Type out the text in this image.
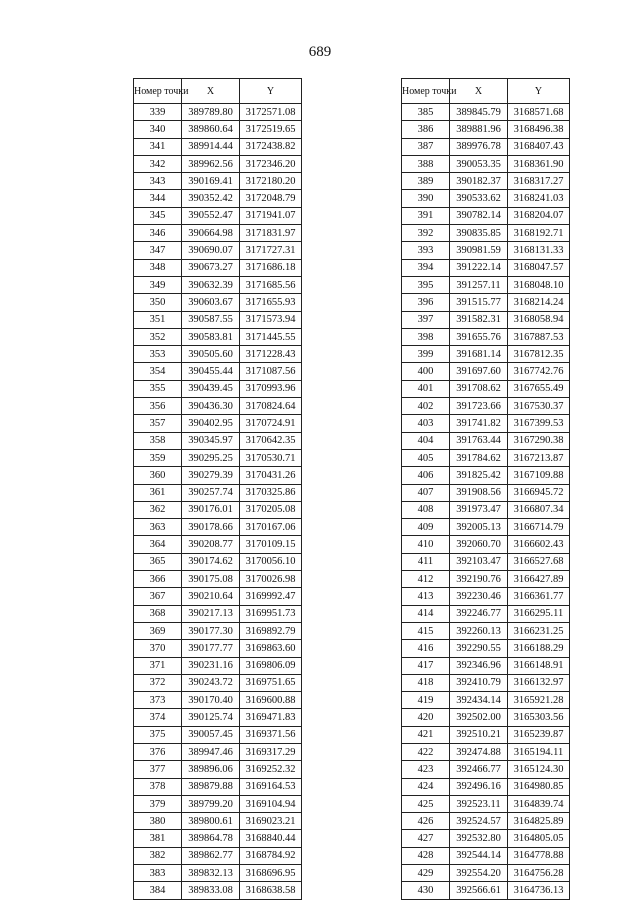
689
Номер точки	X	Y
339	389789.80	3172571.08
340	389860.64	3172519.65
341	389914.44	3172438.82
342	389962.56	3172346.20
343	390169.41	3172180.20
344	390352.42	3172048.79
345	390552.47	3171941.07
346	390664.98	3171831.97
347	390690.07	3171727.31
348	390673.27	3171686.18
349	390632.39	3171685.56
350	390603.67	3171655.93
351	390587.55	3171573.94
352	390583.81	3171445.55
353	390505.60	3171228.43
354	390455.44	3171087.56
355	390439.45	3170993.96
356	390436.30	3170824.64
357	390402.95	3170724.91
358	390345.97	3170642.35
359	390295.25	3170530.71
360	390279.39	3170431.26
361	390257.74	3170325.86
362	390176.01	3170205.08
363	390178.66	3170167.06
364	390208.77	3170109.15
365	390174.62	3170056.10
366	390175.08	3170026.98
367	390210.64	3169992.47
368	390217.13	3169951.73
369	390177.30	3169892.79
370	390177.77	3169863.60
371	390231.16	3169806.09
372	390243.72	3169751.65
373	390170.40	3169600.88
374	390125.74	3169471.83
375	390057.45	3169371.56
376	389947.46	3169317.29
377	389896.06	3169252.32
378	389879.88	3169164.53
379	389799.20	3169104.94
380	389800.61	3169023.21
381	389864.78	3168840.44
382	389862.77	3168784.92
383	389832.13	3168696.95
384	389833.08	3168638.58
Номер точки	X	Y
385	389845.79	3168571.68
386	389881.96	3168496.38
387	389976.78	3168407.43
388	390053.35	3168361.90
389	390182.37	3168317.27
390	390533.62	3168241.03
391	390782.14	3168204.07
392	390835.85	3168192.71
393	390981.59	3168131.33
394	391222.14	3168047.57
395	391257.11	3168048.10
396	391515.77	3168214.24
397	391582.31	3168058.94
398	391655.76	3167887.53
399	391681.14	3167812.35
400	391697.60	3167742.76
401	391708.62	3167655.49
402	391723.66	3167530.37
403	391741.82	3167399.53
404	391763.44	3167290.38
405	391784.62	3167213.87
406	391825.42	3167109.88
407	391908.56	3166945.72
408	391973.47	3166807.34
409	392005.13	3166714.79
410	392060.70	3166602.43
411	392103.47	3166527.68
412	392190.76	3166427.89
413	392230.46	3166361.77
414	392246.77	3166295.11
415	392260.13	3166231.25
416	392290.55	3166188.29
417	392346.96	3166148.91
418	392410.79	3166132.97
419	392434.14	3165921.28
420	392502.00	3165303.56
421	392510.21	3165239.87
422	392474.88	3165194.11
423	392466.77	3165124.30
424	392496.16	3164980.85
425	392523.11	3164839.74
426	392524.57	3164825.89
427	392532.80	3164805.05
428	392544.14	3164778.88
429	392554.20	3164756.28
430	392566.61	3164736.13
